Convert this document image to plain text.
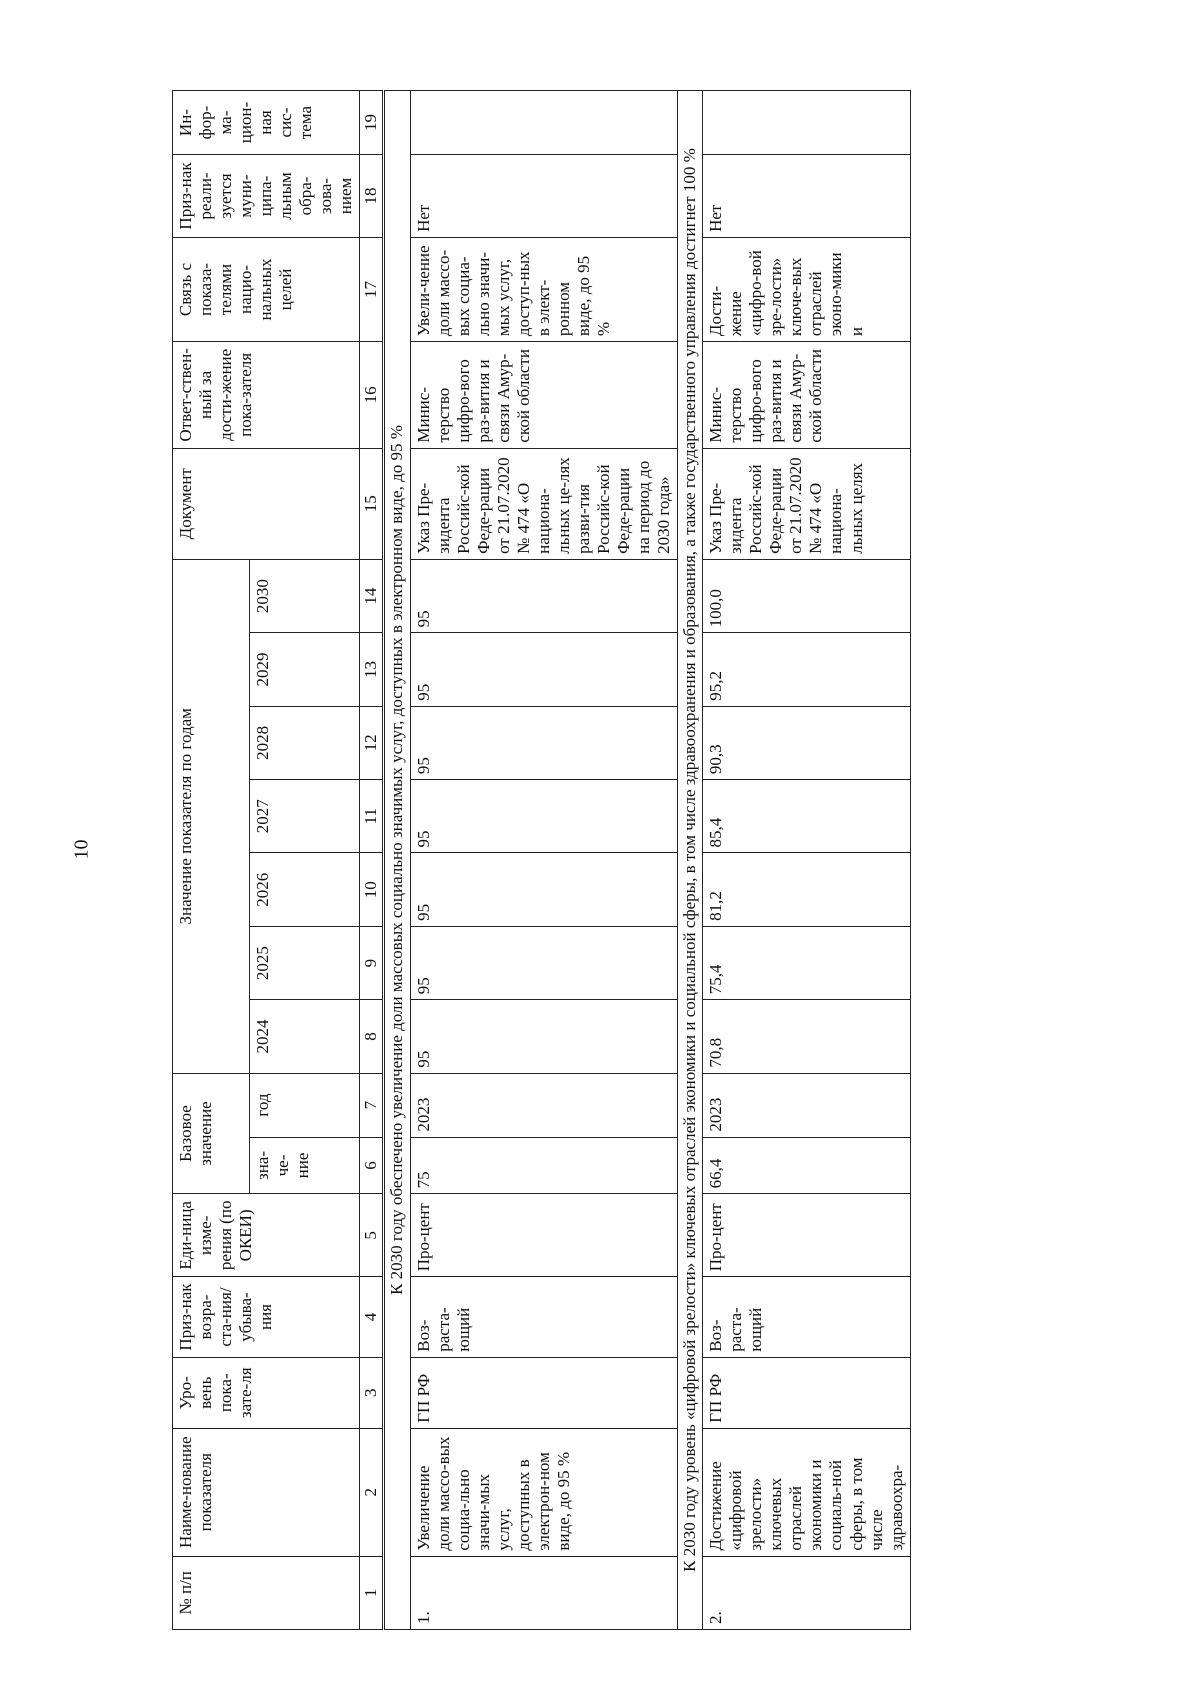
10
№ п/п	Наиме-нование показателя	Уро-вень пока-зате-ля	Приз-нак возра-ста-ния/ убыва-ния	Еди-ница изме-рения (по ОКЕИ)	Базовое значение		Значение показателя по годам							Документ	Ответ-ствен-ный за дости-жение пока-зателя	Связь с показа-телями нацио-нальных целей	Приз-нак реали-зуется муни-ципа-льным обра-зова-нием	Ин-фор-ма-цион-ная сис-тема
					зна-че-ние	год	2024	2025	2026	2027	2028	2029	2030					
1	2	3	4	5	6	7	8	9	10	11	12	13	14	15	16	17	18	19
К 2030 году обеспечено увеличение доли массовых социально значимых услуг, доступных в электронном виде, до 95 %																		
1.	Увеличение доли массо-вых социа-льно значи-мых услуг, доступных в электрон-ном виде, до 95 %	ГП РФ	Воз-раста-ющий	Про-цент	75	2023	95	95	95	95	95	95	95	Указ Пре-зидента Российс-кой Феде-рации от 21.07.2020 № 474 «О национа-льных це-лях разви-тия Российс-кой Феде-рации на период до 2030 года»	Минис-терство цифро-вого раз-вития и связи Амур-ской области	Увели-чение доли массо-вых социа-льно значи-мых услуг, доступ-ных в элект-ронном виде, до 95 %	Нет	
К 2030 году уровень «цифровой зрелости» ключевых отраслей экономики и социальной сферы, в том числе здравоохранения и образования, а также государственного управления достигнет 100 %																		
2.	Достижение «цифровой зрелости» ключевых отраслей экономики и социаль-ной сферы, в том числе здравоохра-	ГП РФ	Воз-раста-ющий	Про-цент	66,4	2023	70,8	75,4	81,2	85,4	90,3	95,2	100,0	Указ Пре-зидента Российс-кой Феде-рации от 21.07.2020 № 474 «О национа-льных целях	Минис-терство цифро-вого раз-вития и связи Амур-ской области	Дости-жение «цифро-вой зре-лости» ключе-вых отраслей эконо-мики и	Нет	
